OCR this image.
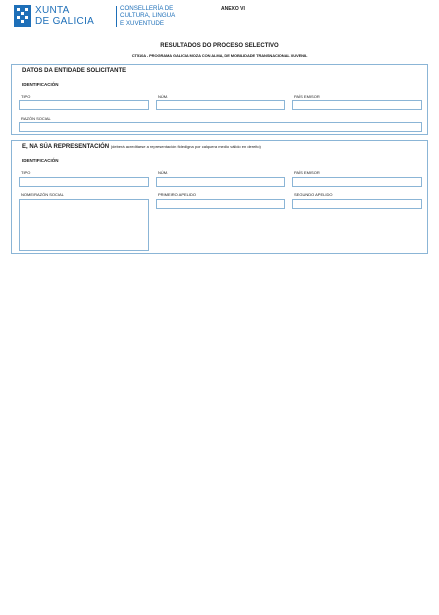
XUNTA
DE GALICIA
CONSELLERÍA DE
CULTURA, LINGUA
E XUVENTUDE
ANEXO VI
RESULTADOS DO PROCESO SELECTIVO
CT510A - PROGRAMA GALICIA MOZA CON ALMA, DE MOBILIDADE TRANSNACIONAL XUVENIL
DATOS DA ENTIDADE SOLICITANTE
IDENTIFICACIÓN
TIPO	NÚM.	PAÍS EMISOR
RAZÓN SOCIAL
E, NA SÚA REPRESENTACIÓN (deberá acreditarse a representación fidedigna por calquera medio válido en dereito)
IDENTIFICACIÓN
TIPO	NÚM.	PAÍS EMISOR
NOME/RAZÓN SOCIAL	PRIMEIRO APELIDO	SEGUNDO APELIDO
